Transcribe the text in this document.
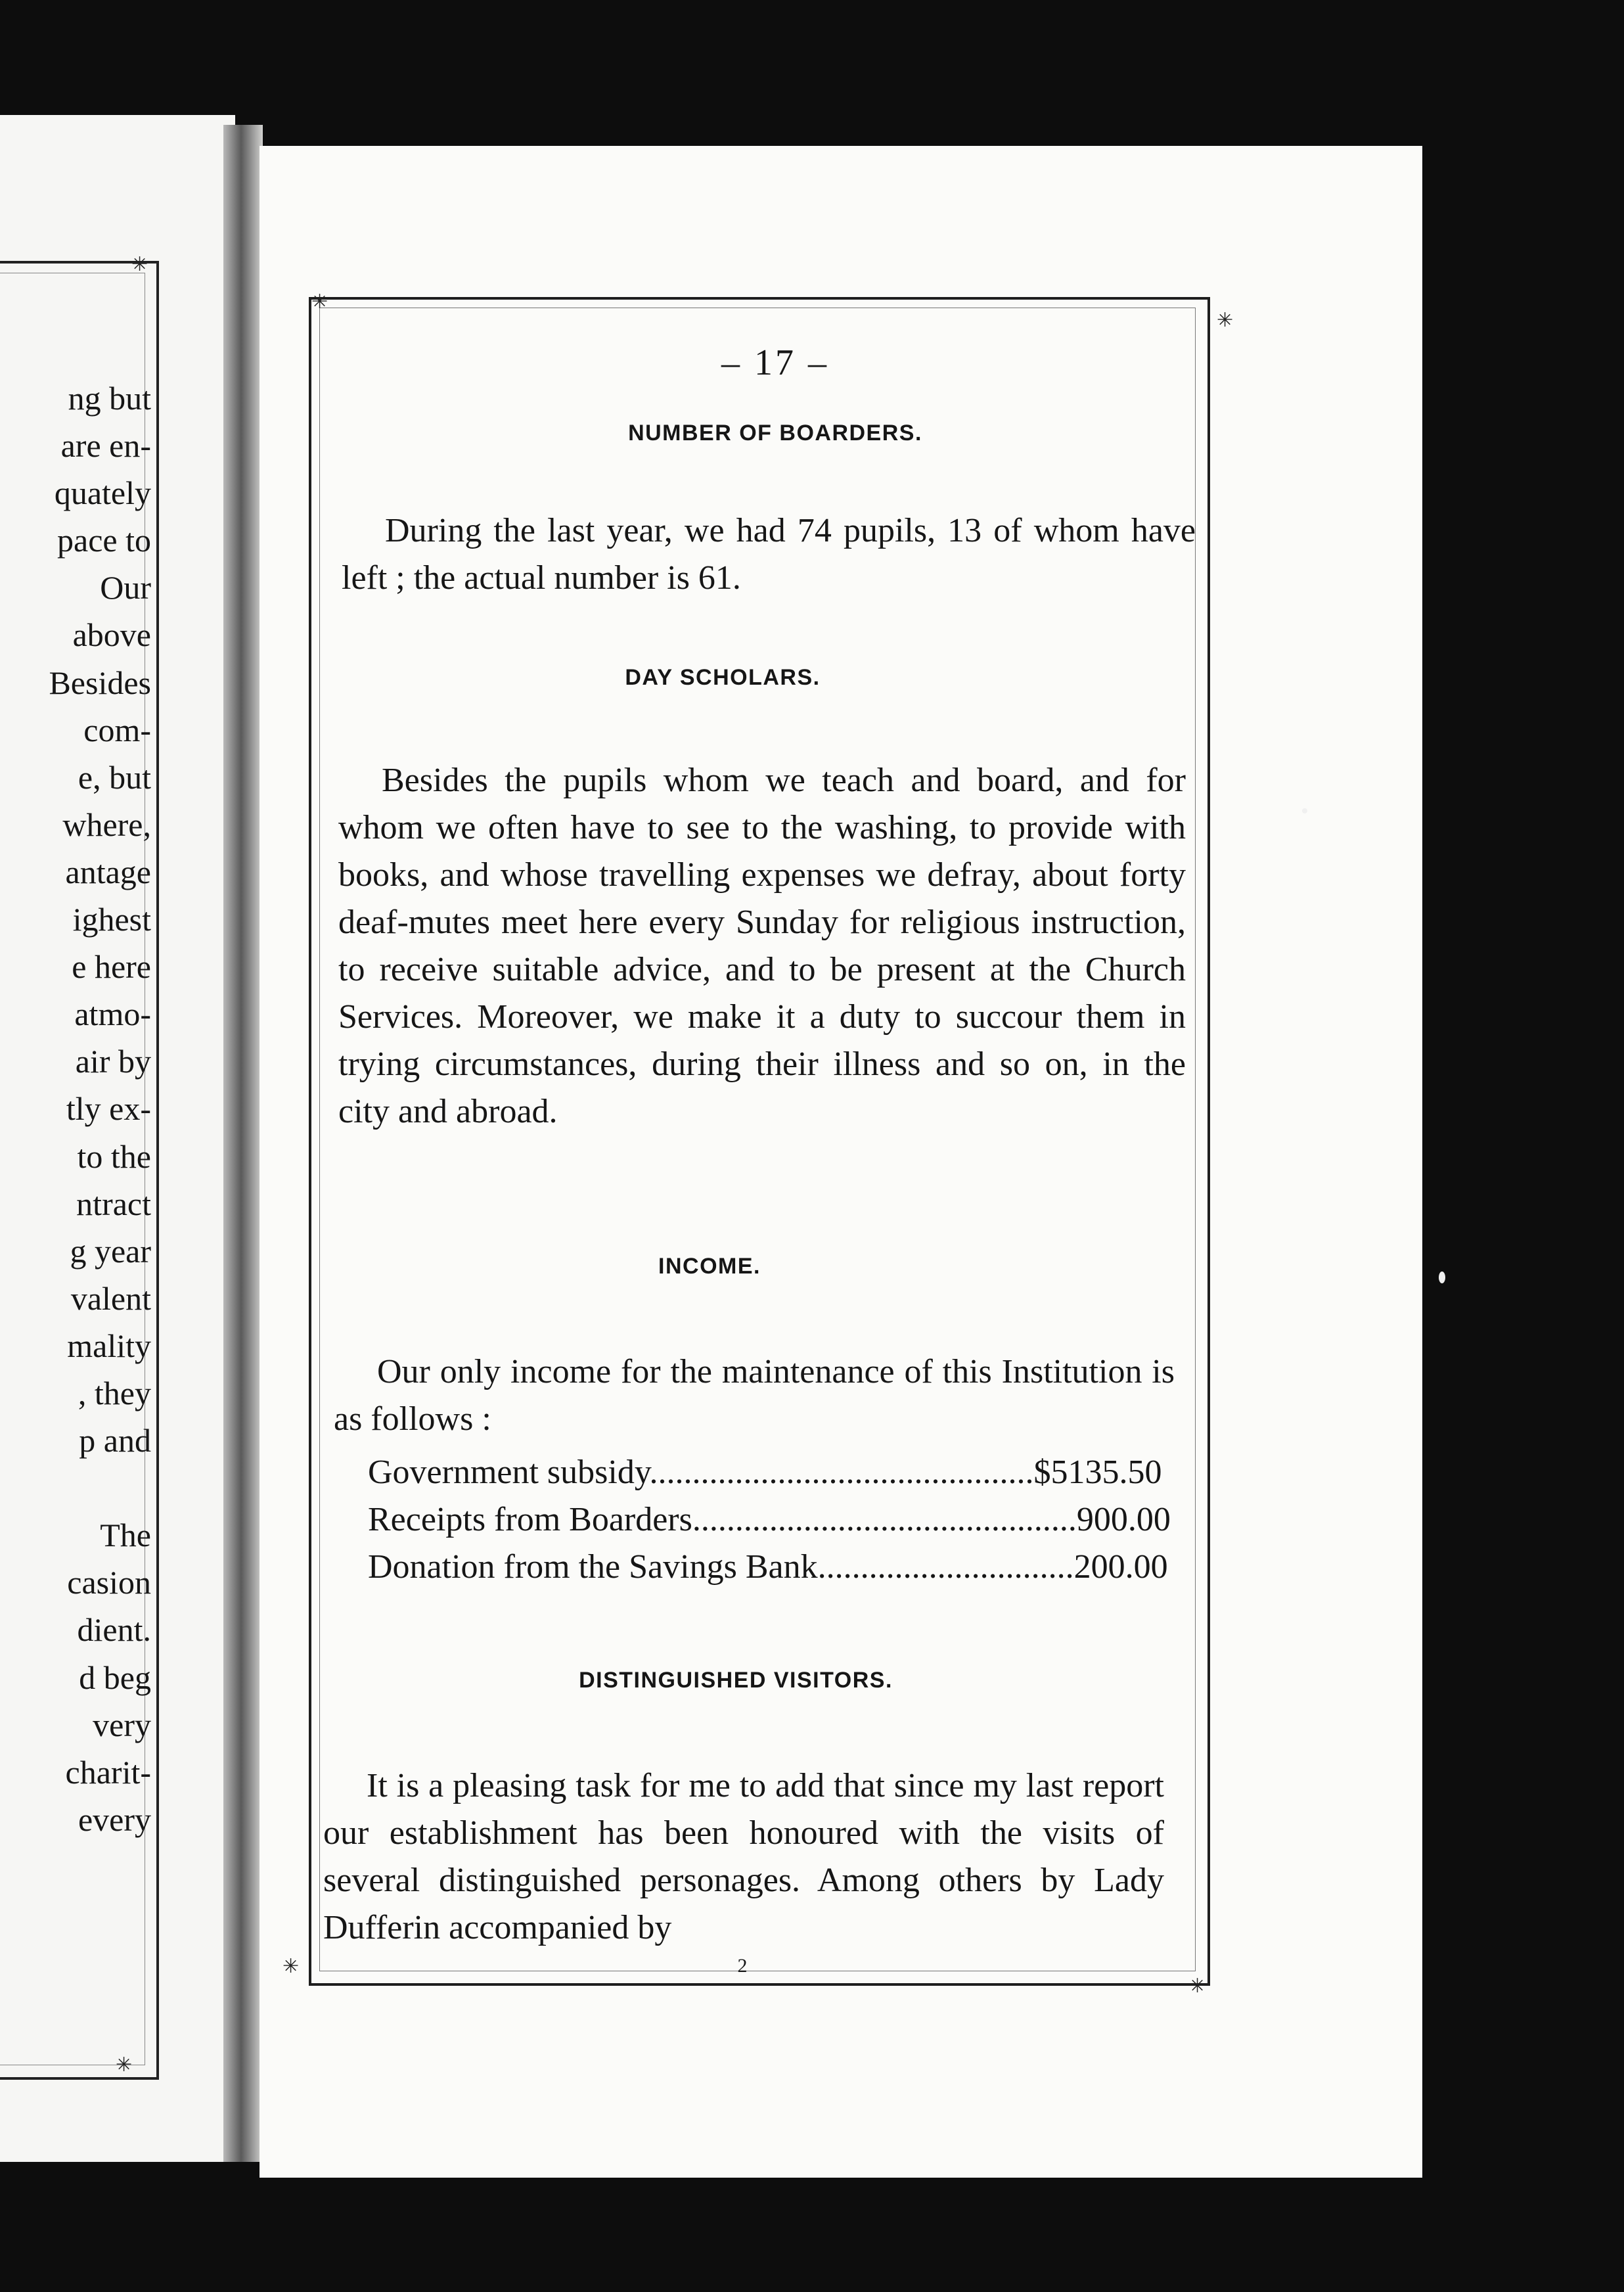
✳
✳
ng but
are en-
quately
pace to
Our
above
Besides
com-
e, but
where,
antage
ighest
e here
atmo-
air by
tly ex-
to the
ntract
g year
valent
mality
, they
p and

The
casion
dient.
d beg
very
charit-
every
✳
✳
✳
✳
– 17 –
NUMBER OF BOARDERS.

During the last year, we had 74 pupils, 13 of whom have left ; the actual number is 61.

DAY SCHOLARS.

Besides the pupils whom we teach and board, and for whom we often have to see to the washing, to provide with books, and whose travelling expenses we defray, about forty deaf-mutes meet here every Sunday for religious instruction, to receive suitable advice, and to be present at the Church Services. Moreover, we make it a duty to succour them in trying circumstances, during their illness and so on, in the city and abroad.

INCOME.

Our only income for the maintenance of this Institution is as follows :

Government subsidy............................................. $5135.50
Receipts from Boarders............................................. 900.00
Donation from the Savings Bank.............................. 200.00
DISTINGUISHED VISITORS.

It is a pleasing task for me to add that since my last report our establishment has been honoured with the visits of several distinguished personages. Among others by Lady Dufferin accompanied by

2
